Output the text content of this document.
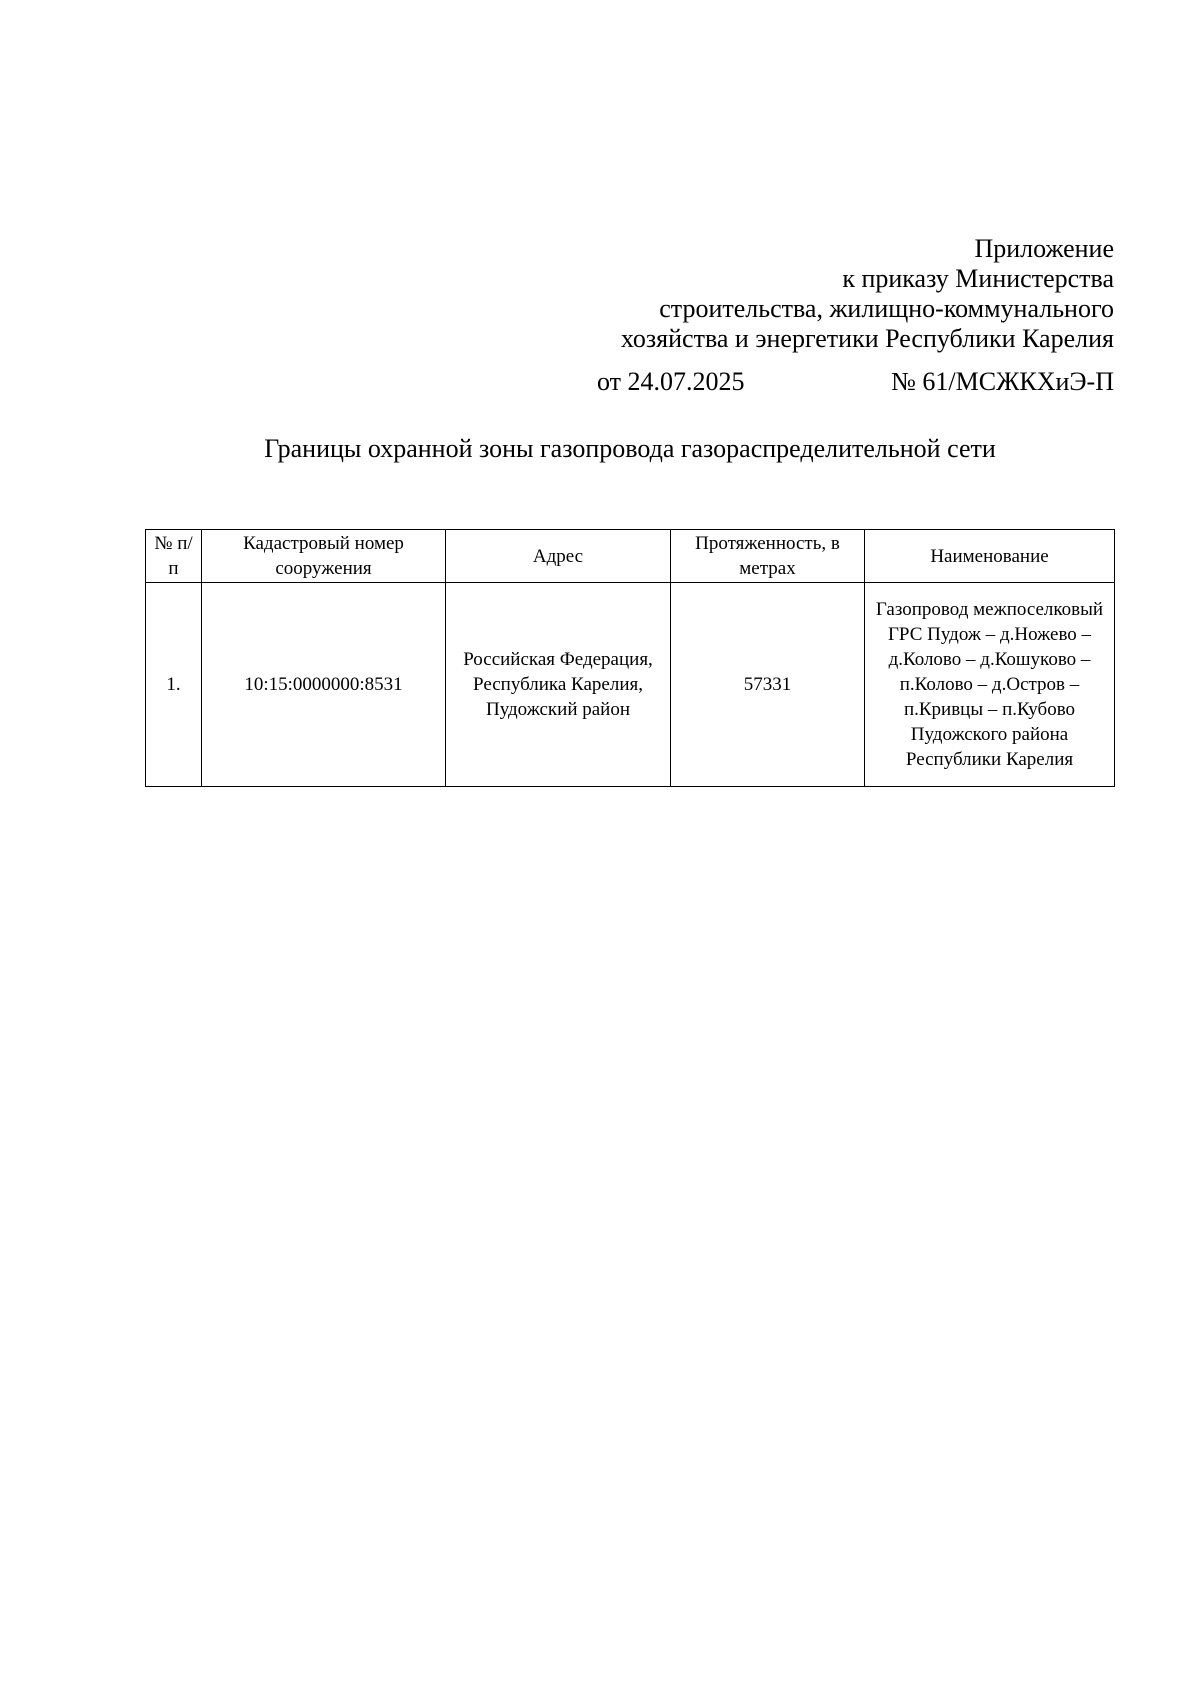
Приложение
к приказу Министерства
строительства, жилищно-коммунального
хозяйства и энергетики Республики Карелия
от 24.07.2025	№ 61/МСЖКХиЭ-П
Границы охранной зоны газопровода газораспределительной сети
№ п/п	Кадастровый номер сооружения	Адрес	Протяженность, в метрах	Наименование
1.	10:15:0000000:8531	Российская Федерация, Республика Карелия, Пудожский район	57331	Газопровод межпоселковый ГРС Пудож – д.Ножево – д.Колово – д.Кошуково – п.Колово – д.Остров – п.Кривцы – п.Кубово Пудожского района Республики Карелия
